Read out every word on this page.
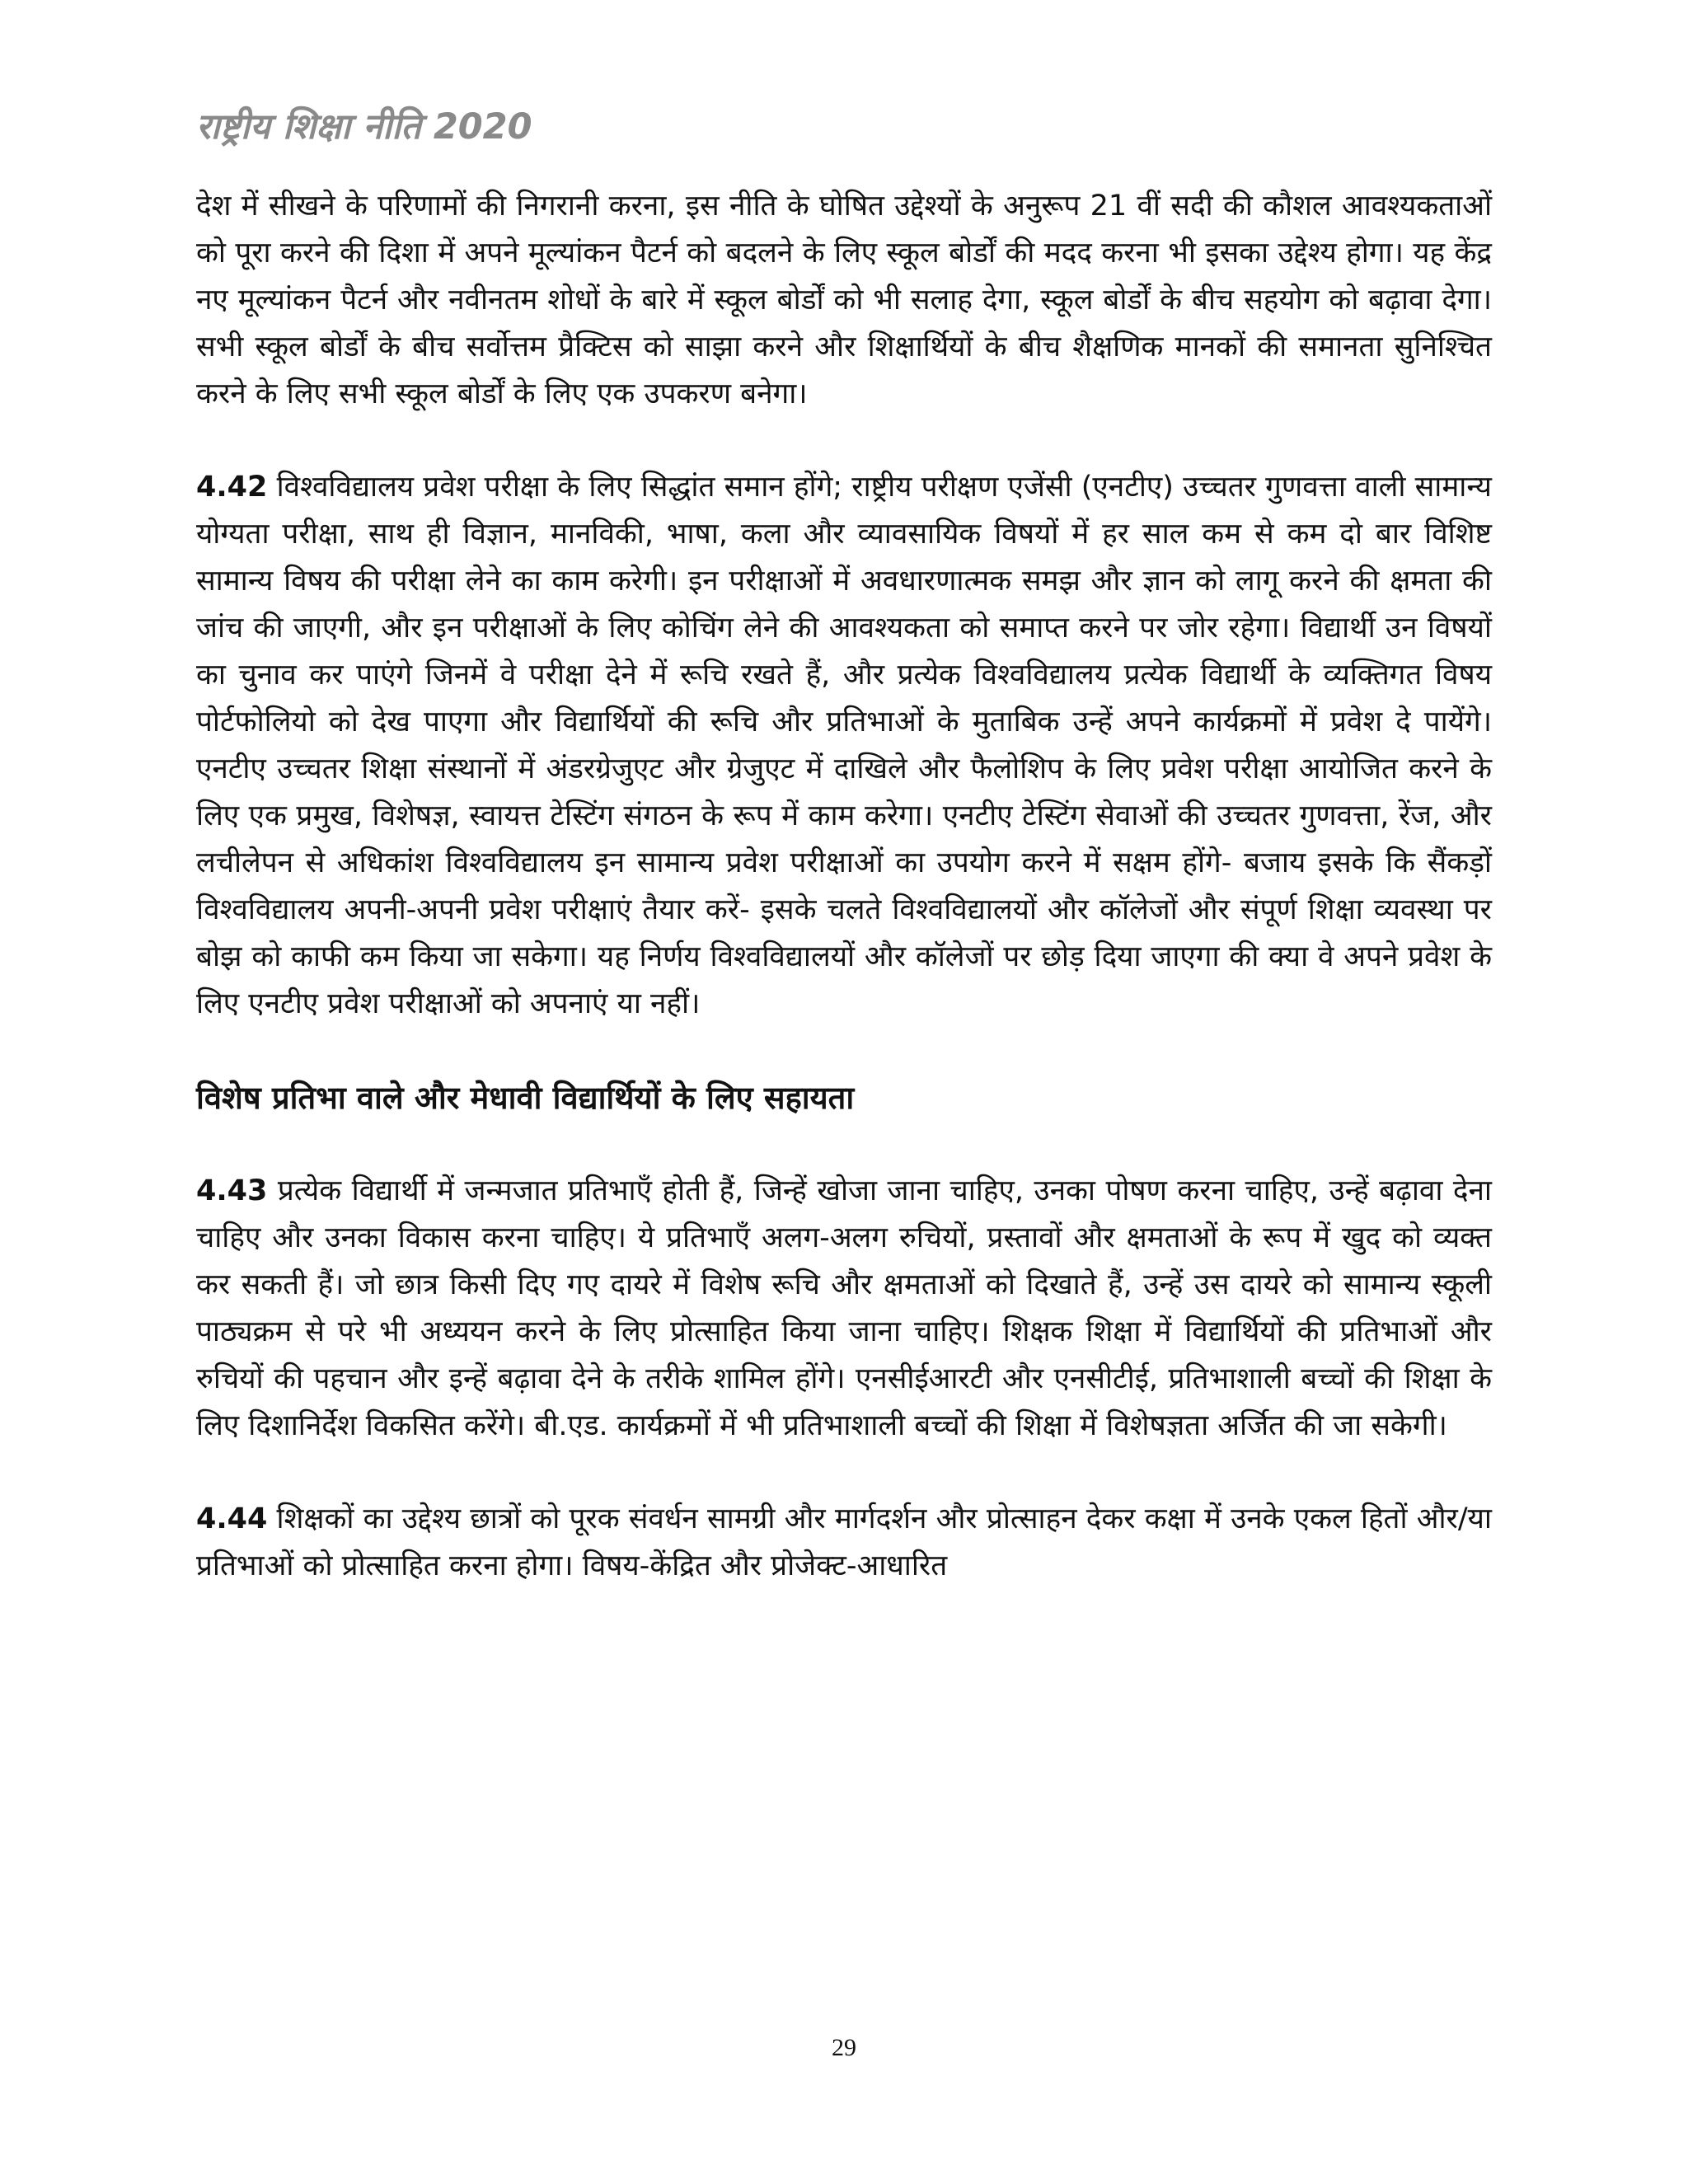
राष्ट्रीय शिक्षा नीति 2020

देश में सीखने के परिणामों की निगरानी करना, इस नीति के घोषित उद्देश्यों के अनुरूप 21 वीं सदी की कौशल आवश्यकताओं को पूरा करने की दिशा में अपने मूल्यांकन पैटर्न को बदलने के लिए स्कूल बोर्डों की मदद करना भी इसका उद्देश्य होगा। यह केंद्र नए मूल्यांकन पैटर्न और नवीनतम शोधों के बारे में स्कूल बोर्डों को भी सलाह देगा, स्कूल बोर्डों के बीच सहयोग को बढ़ावा देगा। सभी स्कूल बोर्डों के बीच सर्वोत्तम प्रैक्टिस को साझा करने और शिक्षार्थियों के बीच शैक्षणिक मानकों की समानता सुनिश्चित करने के लिए सभी स्कूल बोर्डों के लिए एक उपकरण बनेगा।

4.42 विश्वविद्यालय प्रवेश परीक्षा के लिए सिद्धांत समान होंगे; राष्ट्रीय परीक्षण एजेंसी (एनटीए) उच्चतर गुणवत्ता वाली सामान्य योग्यता परीक्षा, साथ ही विज्ञान, मानविकी, भाषा, कला और व्यावसायिक विषयों में हर साल कम से कम दो बार विशिष्ट सामान्य विषय की परीक्षा लेने का काम करेगी। इन परीक्षाओं में अवधारणात्मक समझ और ज्ञान को लागू करने की क्षमता की जांच की जाएगी, और इन परीक्षाओं के लिए कोचिंग लेने की आवश्यकता को समाप्त करने पर जोर रहेगा। विद्यार्थी उन विषयों का चुनाव कर पाएंगे जिनमें वे परीक्षा देने में रूचि रखते हैं, और प्रत्येक विश्वविद्यालय प्रत्येक विद्यार्थी के व्यक्तिगत विषय पोर्टफोलियो को देख पाएगा और विद्यार्थियों की रूचि और प्रतिभाओं के मुताबिक उन्हें अपने कार्यक्रमों में प्रवेश दे पायेंगे। एनटीए उच्चतर शिक्षा संस्थानों में अंडरग्रेजुएट और ग्रेजुएट में दाखिले और फैलोशिप के लिए प्रवेश परीक्षा आयोजित करने के लिए एक प्रमुख, विशेषज्ञ, स्वायत्त टेस्टिंग संगठन के रूप में काम करेगा। एनटीए टेस्टिंग सेवाओं की उच्चतर गुणवत्ता, रेंज, और लचीलेपन से अधिकांश विश्वविद्यालय इन सामान्य प्रवेश परीक्षाओं का उपयोग करने में सक्षम होंगे- बजाय इसके कि सैंकड़ों विश्वविद्यालय अपनी-अपनी प्रवेश परीक्षाएं तैयार करें- इसके चलते विश्वविद्यालयों और कॉलेजों और संपूर्ण शिक्षा व्यवस्था पर बोझ को काफी कम किया जा सकेगा। यह निर्णय विश्वविद्यालयों और कॉलेजों पर छोड़ दिया जाएगा की क्या वे अपने प्रवेश के लिए एनटीए प्रवेश परीक्षाओं को अपनाएं या नहीं।

विशेष प्रतिभा वाले और मेधावी विद्यार्थियों के लिए सहायता

4.43 प्रत्येक विद्यार्थी में जन्मजात प्रतिभाएँ होती हैं, जिन्हें खोजा जाना चाहिए, उनका पोषण करना चाहिए, उन्हें बढ़ावा देना चाहिए और उनका विकास करना चाहिए। ये प्रतिभाएँ अलग-अलग रुचियों, प्रस्तावों और क्षमताओं के रूप में खुद को व्यक्त कर सकती हैं। जो छात्र किसी दिए गए दायरे में विशेष रूचि और क्षमताओं को दिखाते हैं, उन्हें उस दायरे को सामान्य स्कूली पाठ्यक्रम से परे भी अध्ययन करने के लिए प्रोत्साहित किया जाना चाहिए। शिक्षक शिक्षा में विद्यार्थियों की प्रतिभाओं और रुचियों की पहचान और इन्हें बढ़ावा देने के तरीके शामिल होंगे। एनसीईआरटी और एनसीटीई, प्रतिभाशाली बच्चों की शिक्षा के लिए दिशानिर्देश विकसित करेंगे। बी.एड. कार्यक्रमों में भी प्रतिभाशाली बच्चों की शिक्षा में विशेषज्ञता अर्जित की जा सकेगी।

4.44 शिक्षकों का उद्देश्य छात्रों को पूरक संवर्धन सामग्री और मार्गदर्शन और प्रोत्साहन देकर कक्षा में उनके एकल हितों और/या प्रतिभाओं को प्रोत्साहित करना होगा। विषय-केंद्रित और प्रोजेक्ट-आधारित

29
